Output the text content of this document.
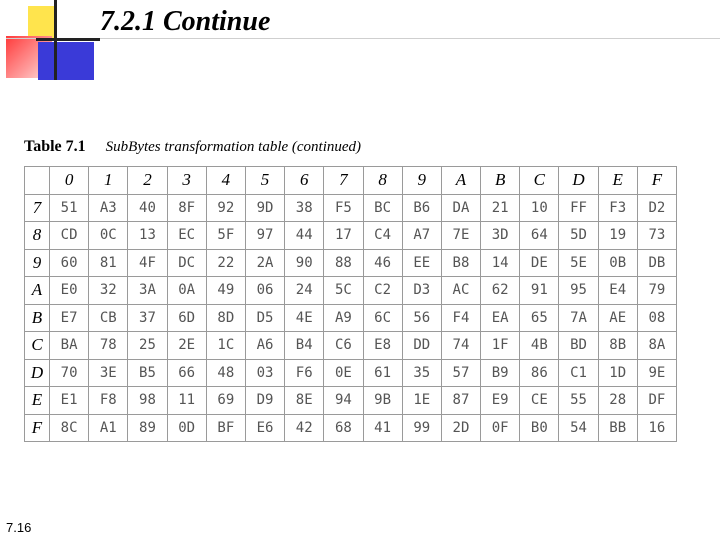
7.2.1 Continue
Table 7.1 SubBytes transformation table (continued)
	0	1	2	3	4	5	6	7	8	9	A	B	C	D	E	F
7	51	A3	40	8F	92	9D	38	F5	BC	B6	DA	21	10	FF	F3	D2
8	CD	0C	13	EC	5F	97	44	17	C4	A7	7E	3D	64	5D	19	73
9	60	81	4F	DC	22	2A	90	88	46	EE	B8	14	DE	5E	0B	DB
A	E0	32	3A	0A	49	06	24	5C	C2	D3	AC	62	91	95	E4	79
B	E7	CB	37	6D	8D	D5	4E	A9	6C	56	F4	EA	65	7A	AE	08
C	BA	78	25	2E	1C	A6	B4	C6	E8	DD	74	1F	4B	BD	8B	8A
D	70	3E	B5	66	48	03	F6	0E	61	35	57	B9	86	C1	1D	9E
E	E1	F8	98	11	69	D9	8E	94	9B	1E	87	E9	CE	55	28	DF
F	8C	A1	89	0D	BF	E6	42	68	41	99	2D	0F	B0	54	BB	16
7.16
